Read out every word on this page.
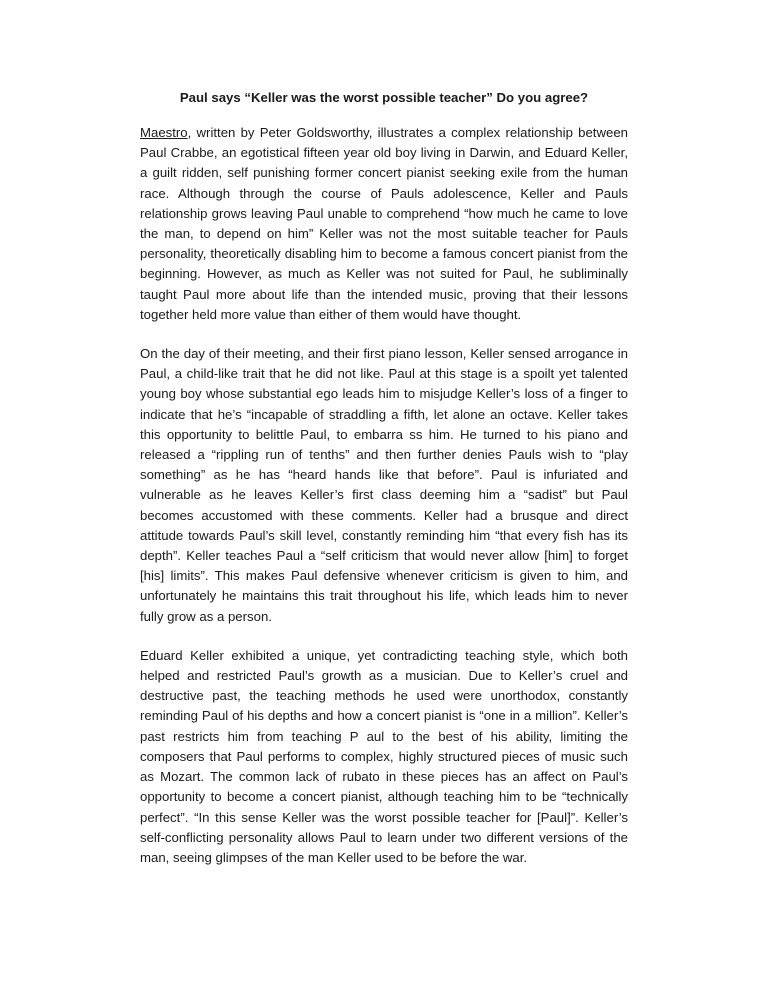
Paul says “Keller was the worst possible teacher” Do you agree?

Maestro, written by Peter Goldsworthy, illustrates a complex relationship between Paul Crabbe, an egotistical fifteen year old boy living in Darwin, and Eduard Keller, a guilt ridden, self punishing former concert pianist seeking exile from the human race. Although through the course of Pauls adolescence, Keller and Pauls relationship grows leaving Paul unable to comprehend “how much he came to love the man, to depend on him” Keller was not the most suitable teacher for Pauls personality, theoretically disabling him to become a famous concert pianist from the beginning. However, as much as Keller was not suited for Paul, he subliminally taught Paul more about life than the intended music, proving that their lessons together held more value than either of them would have thought.

On the day of their meeting, and their first piano lesson, Keller sensed arrogance in Paul, a child-like trait that he did not like. Paul at this stage is a spoilt yet talented young boy whose substantial ego leads him to misjudge Keller’s loss of a finger to indicate that he’s “incapable of straddling a fifth, let alone an octave. Keller takes this opportunity to belittle Paul, to embarra ss him. He turned to his piano and released a “rippling run of tenths” and then further denies Pauls wish to “play something” as he has “heard hands like that before”. Paul is infuriated and vulnerable as he leaves Keller’s first class deeming him a “sadist” but Paul becomes accustomed with these comments. Keller had a brusque and direct attitude towards Paul’s skill level, constantly reminding him “that every fish has its depth”. Keller teaches Paul a “self criticism that would never allow [him] to forget [his] limits”. This makes Paul defensive whenever criticism is given to him, and unfortunately he maintains this trait throughout his life, which leads him to never fully grow as a person.

Eduard Keller exhibited a unique, yet contradicting teaching style, which both helped and restricted Paul’s growth as a musician. Due to Keller’s cruel and destructive past, the teaching methods he used were unorthodox, constantly reminding Paul of his depths and how a concert pianist is “one in a million”. Keller’s past restricts him from teaching P aul to the best of his ability, limiting the composers that Paul performs to complex, highly structured pieces of music such as Mozart. The common lack of rubato in these pieces has an affect on Paul’s opportunity to become a concert pianist, although teaching him to be “technically perfect”. “In this sense Keller was the worst possible teacher for [Paul]”. Keller’s self-conflicting personality allows Paul to learn under two different versions of the man, seeing glimpses of the man Keller used to be before the war.
